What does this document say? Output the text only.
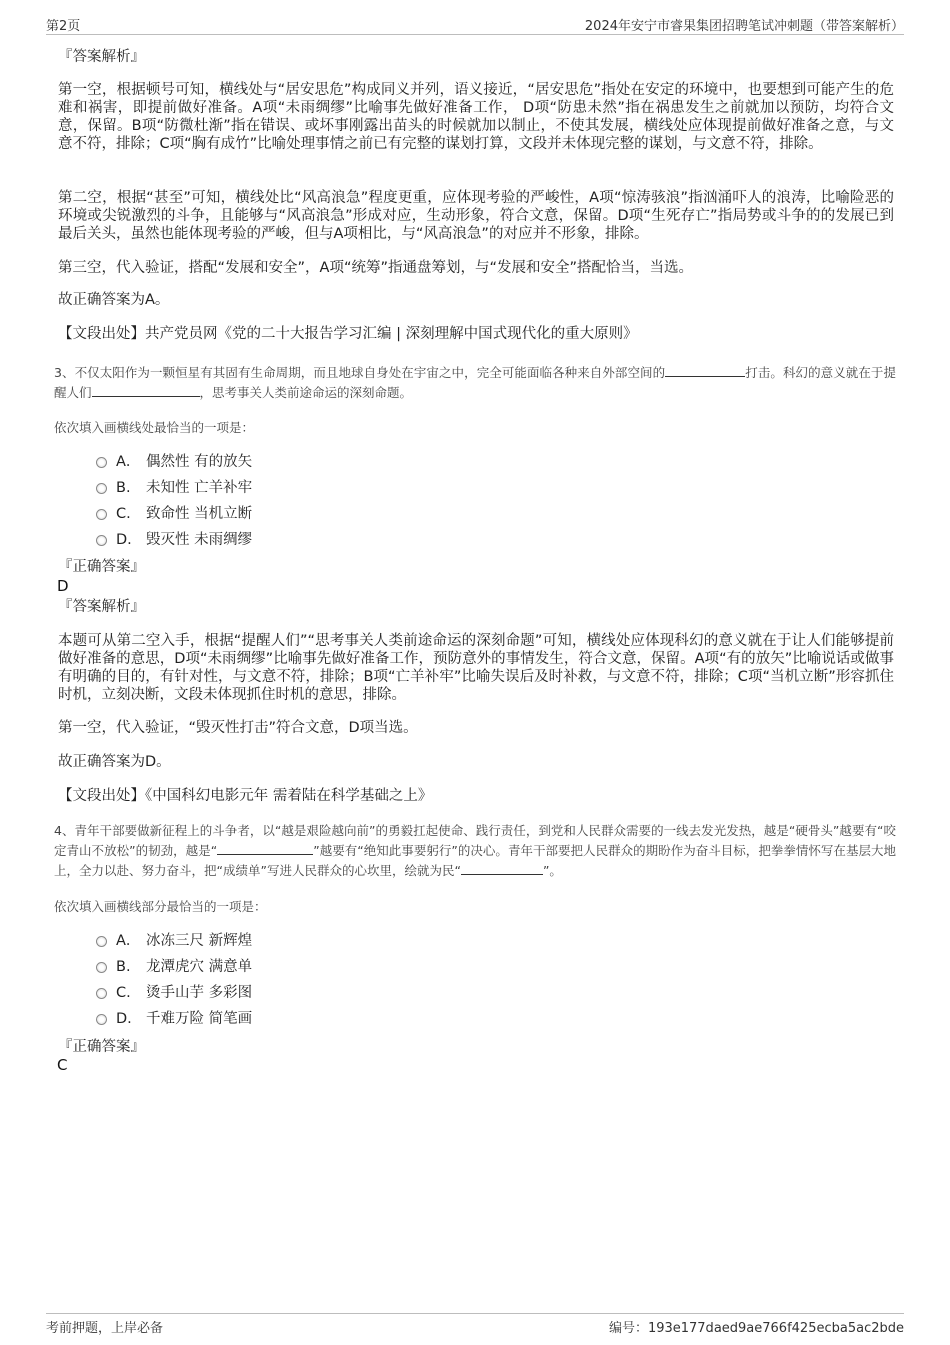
第2页	2024年安宁市睿果集团招聘笔试冲刺题（带答案解析）
『答案解析』
第一空，根据顿号可知，横线处与“居安思危”构成同义并列，语义接近，“居安思危”指处在安定的环境中，也要想到可能产生的危难和祸害，即提前做好准备。A项“未雨绸缪”比喻事先做好准备工作， D项“防患未然”指在祸患发生之前就加以预防，均符合文意，保留。B项“防微杜渐”指在错误、或坏事刚露出苗头的时候就加以制止，不使其发展，横线处应体现提前做好准备之意，与文意不符，排除；C项“胸有成竹”比喻处理事情之前已有完整的谋划打算，文段并未体现完整的谋划，与文意不符，排除。
第二空，根据“甚至”可知，横线处比“风高浪急”程度更重，应体现考验的严峻性，A项“惊涛骇浪”指汹涌吓人的浪涛，比喻险恶的环境或尖锐激烈的斗争，且能够与“风高浪急”形成对应，生动形象，符合文意，保留。D项“生死存亡”指局势或斗争的的发展已到最后关头，虽然也能体现考验的严峻，但与A项相比，与“风高浪急”的对应并不形象，排除。
第三空，代入验证，搭配“发展和安全”，A项“统筹”指通盘筹划，与“发展和安全”搭配恰当，当选。
故正确答案为A。
【文段出处】共产党员网《党的二十大报告学习汇编 | 深刻理解中国式现代化的重大原则》
3、不仅太阳作为一颗恒星有其固有生命周期，而且地球自身处在宇宙之中，完全可能面临各种来自外部空间的	打击。科幻的意义就在于提醒人们	，思考事关人类前途命运的深刻命题。
依次填入画横线处最恰当的一项是：
A． 偶然性 有的放矢
B.	未知性 亡羊补牢
C.	致命性 当机立断
D. 毁灭性 未雨绸缪
『正确答案』
D
『答案解析』
本题可从第二空入手，根据“提醒人们”“思考事关人类前途命运的深刻命题”可知，横线处应体现科幻的意义就在于让人们能够提前做好准备的意思，D项“未雨绸缪”比喻事先做好准备工作，预防意外的事情发生，符合文意，保留。A项“有的放矢”比喻说话或做事有明确的目的，有针对性，与文意不符，排除；B项“亡羊补牢”比喻失误后及时补救，与文意不符，排除；C项“当机立断”形容抓住时机，立刻决断，文段未体现抓住时机的意思，排除。
第一空，代入验证，“毁灭性打击”符合文意，D项当选。
故正确答案为D。
【文段出处】《中国科幻电影元年 需着陆在科学基础之上》
4、青年干部要做新征程上的斗争者，以“越是艰险越向前”的勇毅扛起使命、践行责任，到党和人民群众需要的一线去发光发热，越是“硬骨头”越要有“咬定青山不放松”的韧劲，越是“	”越要有“绝知此事要躬行”的决心。青年干部要把人民群众的期盼作为奋斗目标，把拳拳情怀写在基层大地上，全力以赴、努力奋斗，把“成绩单”写进人民群众的心坎里，绘就为民“	”。
依次填入画横线部分最恰当的一项是：
A． 冰冻三尺 新辉煌
B.	龙潭虎穴 满意单
C.	烫手山芋 多彩图
D. 千难万险 简笔画
『正确答案』
C
考前押题，上岸必备	编号：193e177daed9ae766f425ecba5ac2bde
